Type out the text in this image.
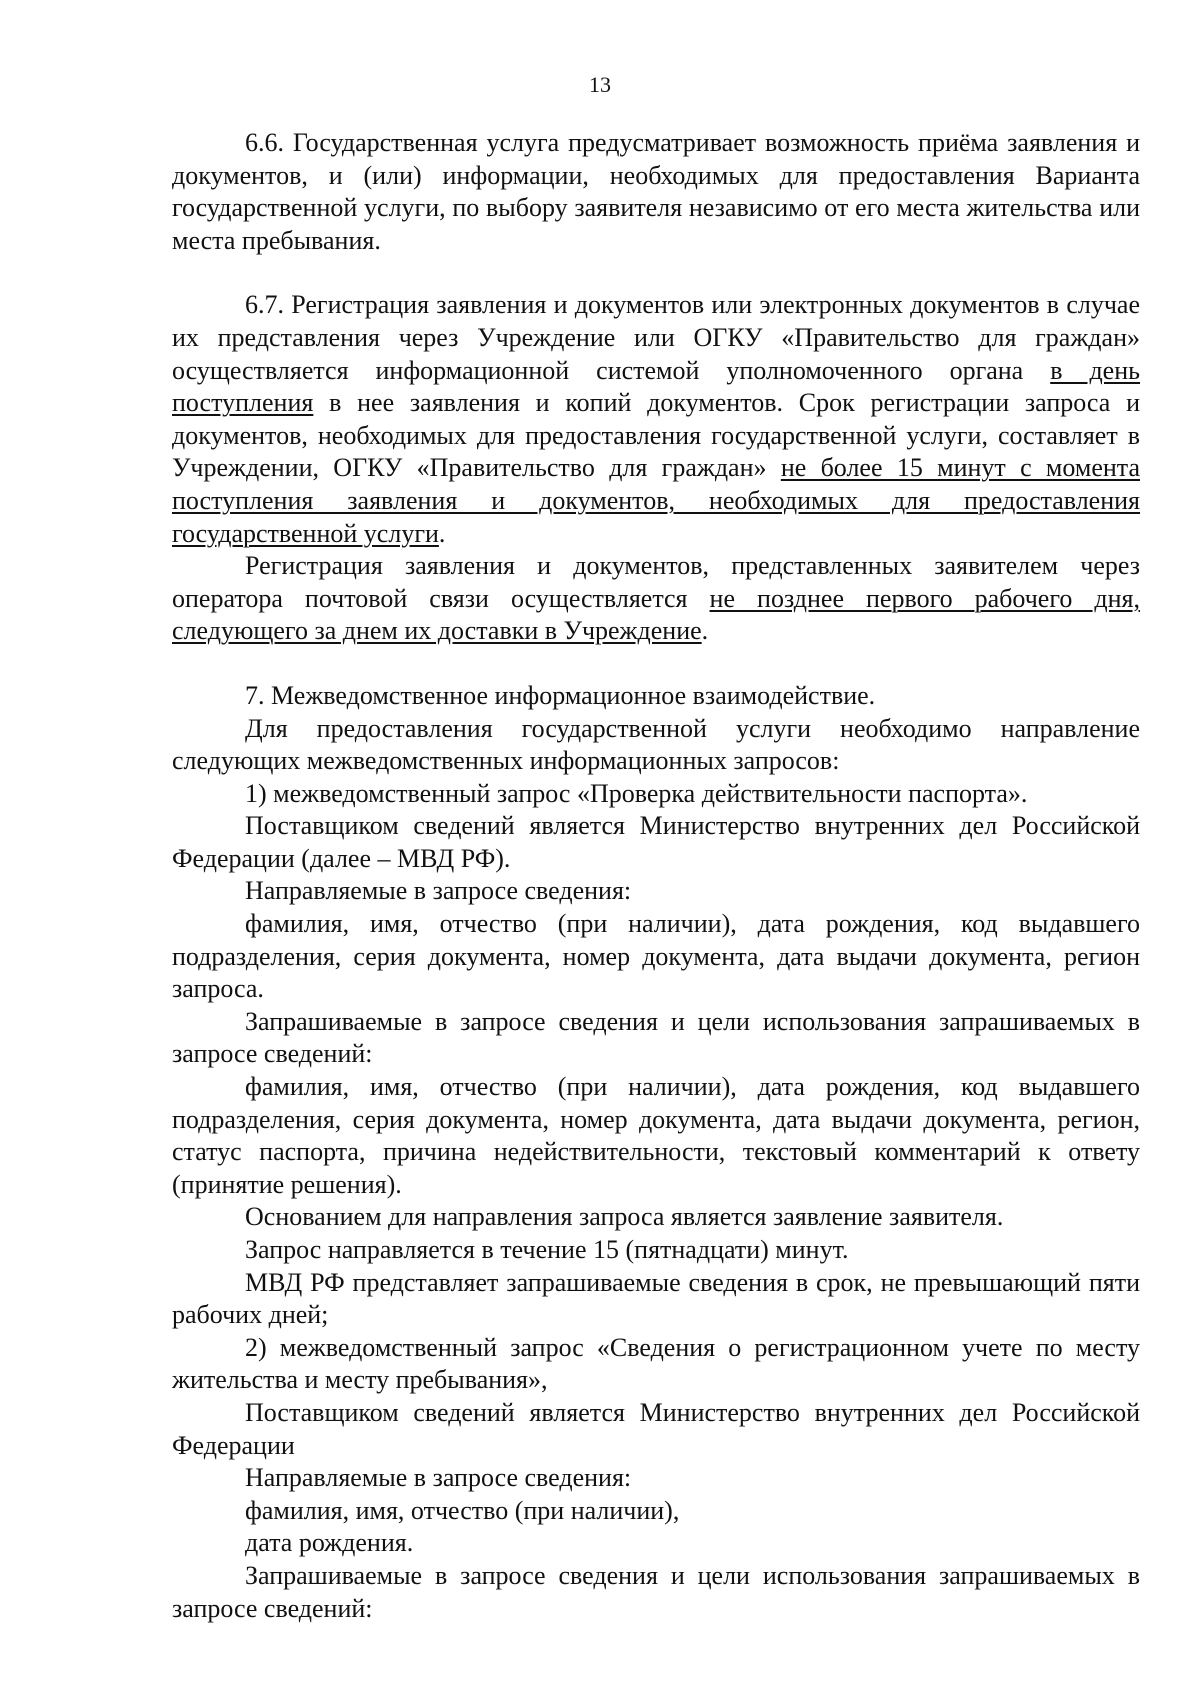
13

6.6. Государственная услуга предусматривает возможность приёма заявления и документов, и (или) информации, необходимых для предоставления Варианта государственной услуги, по выбору заявителя независимо от его места жительства или места пребывания.

6.7. Регистрация заявления и документов или электронных документов в случае их представления через Учреждение или ОГКУ «Правительство для граждан» осуществляется информационной системой уполномоченного органа в день поступления в нее заявления и копий документов. Срок регистрации запроса и документов, необходимых для предоставления государственной услуги, составляет в Учреждении, ОГКУ «Правительство для граждан» не более 15 минут с момента поступления заявления и документов, необходимых для предоставления государственной услуги.

Регистрация заявления и документов, представленных заявителем через оператора почтовой связи осуществляется не позднее первого рабочего дня, следующего за днем их доставки в Учреждение.

7. Межведомственное информационное взаимодействие.

Для предоставления государственной услуги необходимо направление следующих межведомственных информационных запросов:

1) межведомственный запрос «Проверка действительности паспорта».

Поставщиком сведений является Министерство внутренних дел Российской Федерации (далее – МВД РФ).

Направляемые в запросе сведения:

фамилия, имя, отчество (при наличии), дата рождения, код выдавшего подразделения, серия документа, номер документа, дата выдачи документа, регион запроса.

Запрашиваемые в запросе сведения и цели использования запрашиваемых в запросе сведений:

фамилия, имя, отчество (при наличии), дата рождения, код выдавшего подразделения, серия документа, номер документа, дата выдачи документа, регион, статус паспорта, причина недействительности, текстовый комментарий к ответу (принятие решения).

Основанием для направления запроса является заявление заявителя.

Запрос направляется в течение 15 (пятнадцати) минут.

МВД РФ представляет запрашиваемые сведения в срок, не превышающий пяти рабочих дней;

2) межведомственный запрос «Сведения о регистрационном учете по месту жительства и месту пребывания»,

Поставщиком сведений является Министерство внутренних дел Российской Федерации

Направляемые в запросе сведения:

фамилия, имя, отчество (при наличии),

дата рождения.

Запрашиваемые в запросе сведения и цели использования запрашиваемых в запросе сведений:
